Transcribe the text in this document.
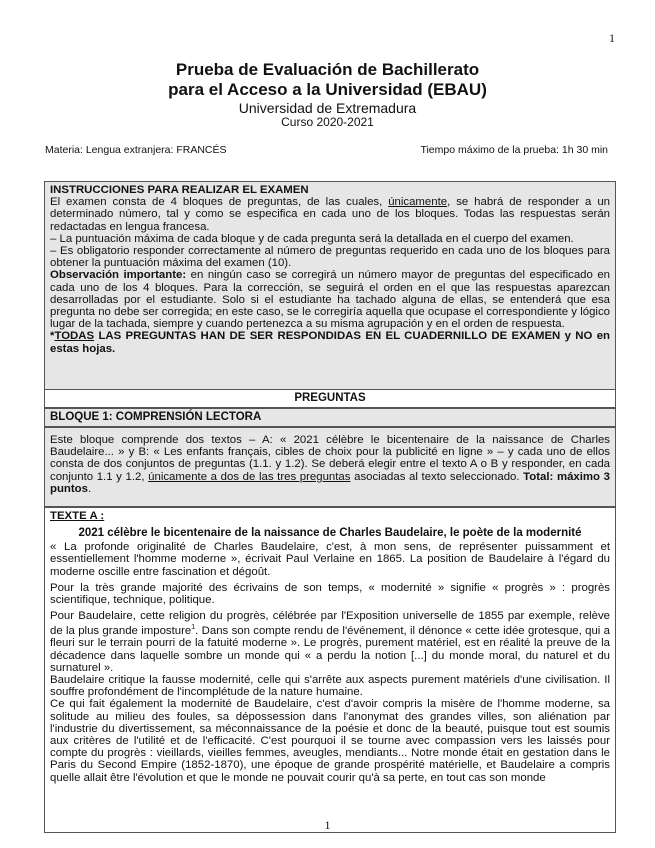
1
Prueba de Evaluación de Bachillerato
para el Acceso a la Universidad (EBAU)
Universidad de Extremadura
Curso 2020-2021
Materia: Lengua extranjera: FRANCÉS	Tiempo máximo de la prueba: 1h 30 min

INSTRUCCIONES PARA REALIZAR EL EXAMEN

El examen consta de 4 bloques de preguntas, de las cuales, únicamente, se habrá de responder a un determinado número, tal y como se especifica en cada uno de los bloques. Todas las respuestas serán redactadas en lengua francesa.

– La puntuación máxima de cada bloque y de cada pregunta será la detallada en el cuerpo del examen.

– Es obligatorio responder correctamente al número de preguntas requerido en cada uno de los bloques para obtener la puntuación máxima del examen (10).

Observación importante: en ningún caso se corregirá un número mayor de preguntas del especificado en cada uno de los 4 bloques. Para la corrección, se seguirá el orden en el que las respuestas aparezcan desarrolladas por el estudiante. Solo si el estudiante ha tachado alguna de ellas, se entenderá que esa pregunta no debe ser corregida; en este caso, se le corregiría aquella que ocupase el correspondiente y lógico lugar de la tachada, siempre y cuando pertenezca a su misma agrupación y en el orden de respuesta.

*TODAS LAS PREGUNTAS HAN DE SER RESPONDIDAS EN EL CUADERNILLO DE EXAMEN y NO en estas hojas.

PREGUNTAS
BLOQUE 1: COMPRENSIÓN LECTORA

Este bloque comprende dos textos – A: « 2021 célèbre le bicentenaire de la naissance de Charles Baudelaire... » y B: « Les enfants français, cibles de choix pour la publicité en ligne » – y cada uno de ellos consta de dos conjuntos de preguntas (1.1. y 1.2). Se deberá elegir entre el texto A o B y responder, en cada conjunto 1.1 y 1.2, únicamente a dos de las tres preguntas asociadas al texto seleccionado. Total: máximo 3 puntos.

TEXTE A :

2021 célèbre le bicentenaire de la naissance de Charles Baudelaire, le poète de la modernité

« La profonde originalité de Charles Baudelaire, c'est, à mon sens, de représenter puissamment et essentiellement l'homme moderne », écrivait Paul Verlaine en 1865. La position de Baudelaire à l'égard du moderne oscille entre fascination et dégoût.

Pour la très grande majorité des écrivains de son temps, « modernité » signifie « progrès » : progrès scientifique, technique, politique.

Pour Baudelaire, cette religion du progrès, célébrée par l'Exposition universelle de 1855 par exemple, relève de la plus grande imposture$^1$. Dans son compte rendu de l'événement, il dénonce « cette idée grotesque, qui a fleuri sur le terrain pourri de la fatuité moderne ». Le progrès, purement matériel, est en réalité la preuve de la décadence dans laquelle sombre un monde qui « a perdu la notion [...] du monde moral, du naturel et du surnaturel ».

Baudelaire critique la fausse modernité, celle qui s'arrête aux aspects purement matériels d'une civilisation. Il souffre profondément de l'incomplétude de la nature humaine.

Ce qui fait également la modernité de Baudelaire, c'est d'avoir compris la misère de l'homme moderne, sa solitude au milieu des foules, sa dépossession dans l'anonymat des grandes villes, son aliénation par l'industrie du divertissement, sa méconnaissance de la poésie et donc de la beauté, puisque tout est soumis aux critères de l'utilité et de l'efficacité. C'est pourquoi il se tourne avec compassion vers les laissés pour compte du progrès : vieillards, vieilles femmes, aveugles, mendiants... Notre monde était en gestation dans le Paris du Second Empire (1852-1870), une époque de grande prospérité matérielle, et Baudelaire a compris quelle allait être l'évolution et que le monde ne pouvait courir qu'à sa perte, en tout cas son monde

1
